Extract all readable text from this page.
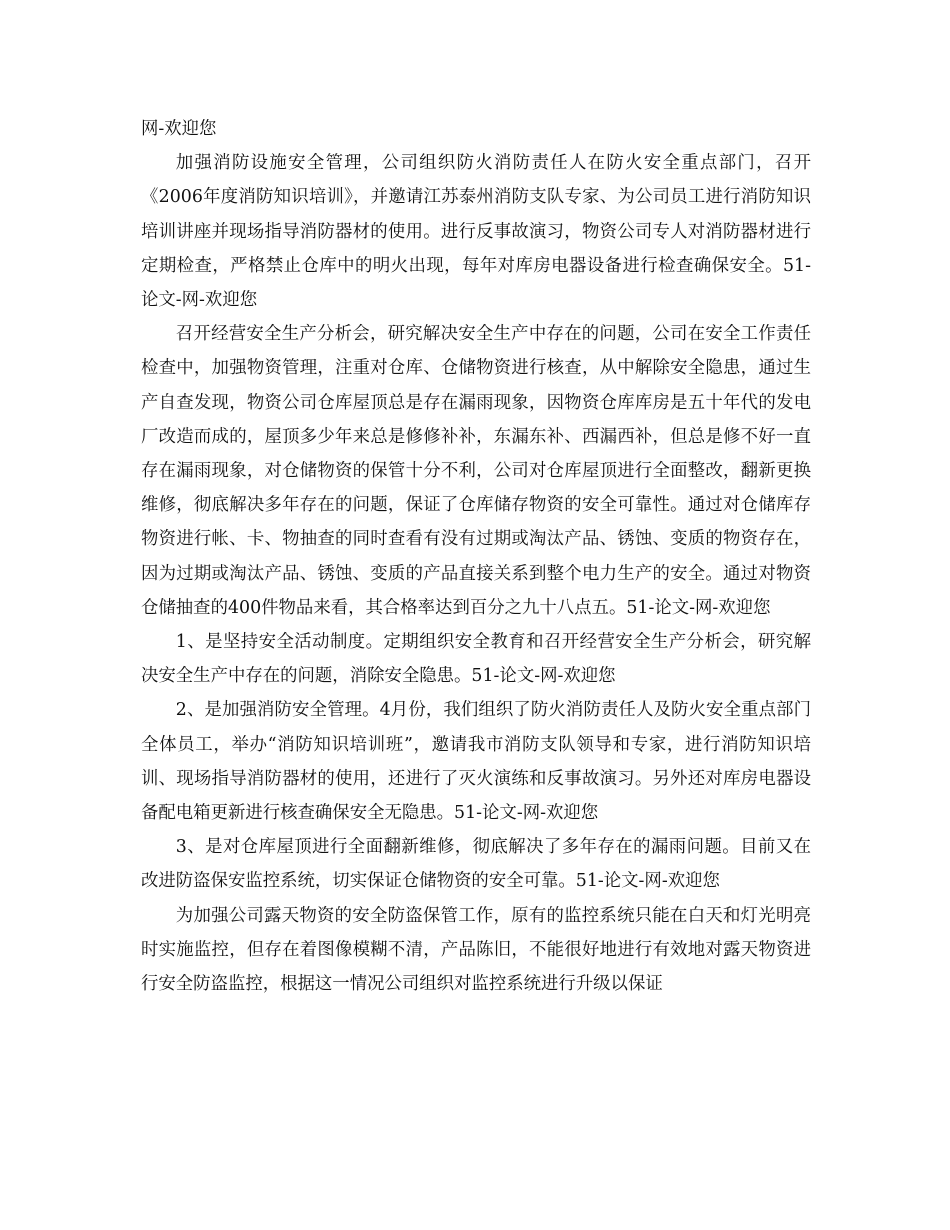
网-欢迎您

加强消防设施安全管理，公司组织防火消防责任人在防火安全重点部门，召开《2006年度消防知识培训》，并邀请江苏泰州消防支队专家、为公司员工进行消防知识培训讲座并现场指导消防器材的使用。进行反事故演习，物资公司专人对消防器材进行定期检查，严格禁止仓库中的明火出现，每年对库房电器设备进行检查确保安全。51-论文-网-欢迎您

召开经营安全生产分析会，研究解决安全生产中存在的问题，公司在安全工作责任检查中，加强物资管理，注重对仓库、仓储物资进行核查，从中解除安全隐患，通过生产自查发现，物资公司仓库屋顶总是存在漏雨现象，因物资仓库库房是五十年代的发电厂改造而成的，屋顶多少年来总是修修补补，东漏东补、西漏西补，但总是修不好一直存在漏雨现象，对仓储物资的保管十分不利，公司对仓库屋顶进行全面整改，翻新更换维修，彻底解决多年存在的问题，保证了仓库储存物资的安全可靠性。通过对仓储库存物资进行帐、卡、物抽查的同时查看有没有过期或淘汰产品、锈蚀、变质的物资存在，因为过期或淘汰产品、锈蚀、变质的产品直接关系到整个电力生产的安全。通过对物资仓储抽查的400件物品来看，其合格率达到百分之九十八点五。51-论文-网-欢迎您

1、是坚持安全活动制度。定期组织安全教育和召开经营安全生产分析会，研究解决安全生产中存在的问题，消除安全隐患。51-论文-网-欢迎您

2、是加强消防安全管理。4月份，我们组织了防火消防责任人及防火安全重点部门全体员工，举办“消防知识培训班”，邀请我市消防支队领导和专家，进行消防知识培训、现场指导消防器材的使用，还进行了灭火演练和反事故演习。另外还对库房电器设备配电箱更新进行核查确保安全无隐患。51-论文-网-欢迎您

3、是对仓库屋顶进行全面翻新维修，彻底解决了多年存在的漏雨问题。目前又在改进防盗保安监控系统，切实保证仓储物资的安全可靠。51-论文-网-欢迎您

为加强公司露天物资的安全防盗保管工作，原有的监控系统只能在白天和灯光明亮时实施监控，但存在着图像模糊不清，产品陈旧，不能很好地进行有效地对露天物资进行安全防盗监控，根据这一情况公司组织对监控系统进行升级以保证
